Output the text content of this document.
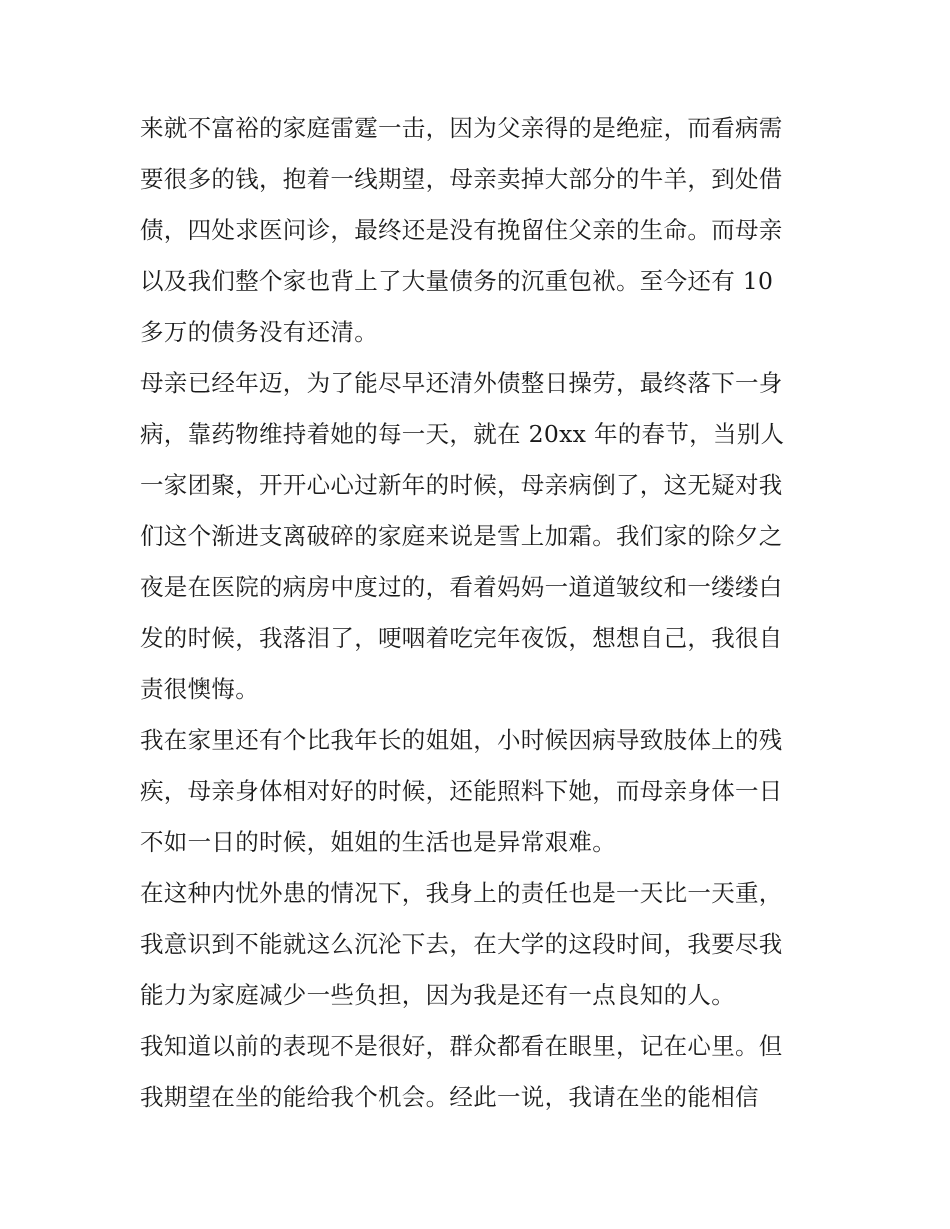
来就不富裕的家庭雷霆一击，因为父亲得的是绝症，而看病需
要很多的钱，抱着一线期望，母亲卖掉大部分的牛羊，到处借
债，四处求医问诊，最终还是没有挽留住父亲的生命。而母亲
以及我们整个家也背上了大量债务的沉重包袱。至今还有 10
多万的债务没有还清。
母亲已经年迈，为了能尽早还清外债整日操劳，最终落下一身
病，靠药物维持着她的每一天，就在 20xx 年的春节，当别人
一家团聚，开开心心过新年的时候，母亲病倒了，这无疑对我
们这个渐进支离破碎的家庭来说是雪上加霜。我们家的除夕之
夜是在医院的病房中度过的，看着妈妈一道道皱纹和一缕缕白
发的时候，我落泪了，哽咽着吃完年夜饭，想想自己，我很自
责很懊悔。
我在家里还有个比我年长的姐姐，小时候因病导致肢体上的残
疾，母亲身体相对好的时候，还能照料下她，而母亲身体一日
不如一日的时候，姐姐的生活也是异常艰难。
在这种内忧外患的情况下，我身上的责任也是一天比一天重，
我意识到不能就这么沉沦下去，在大学的这段时间，我要尽我
能力为家庭减少一些负担，因为我是还有一点良知的人。
我知道以前的表现不是很好，群众都看在眼里，记在心里。但
我期望在坐的能给我个机会。经此一说，我请在坐的能相信
